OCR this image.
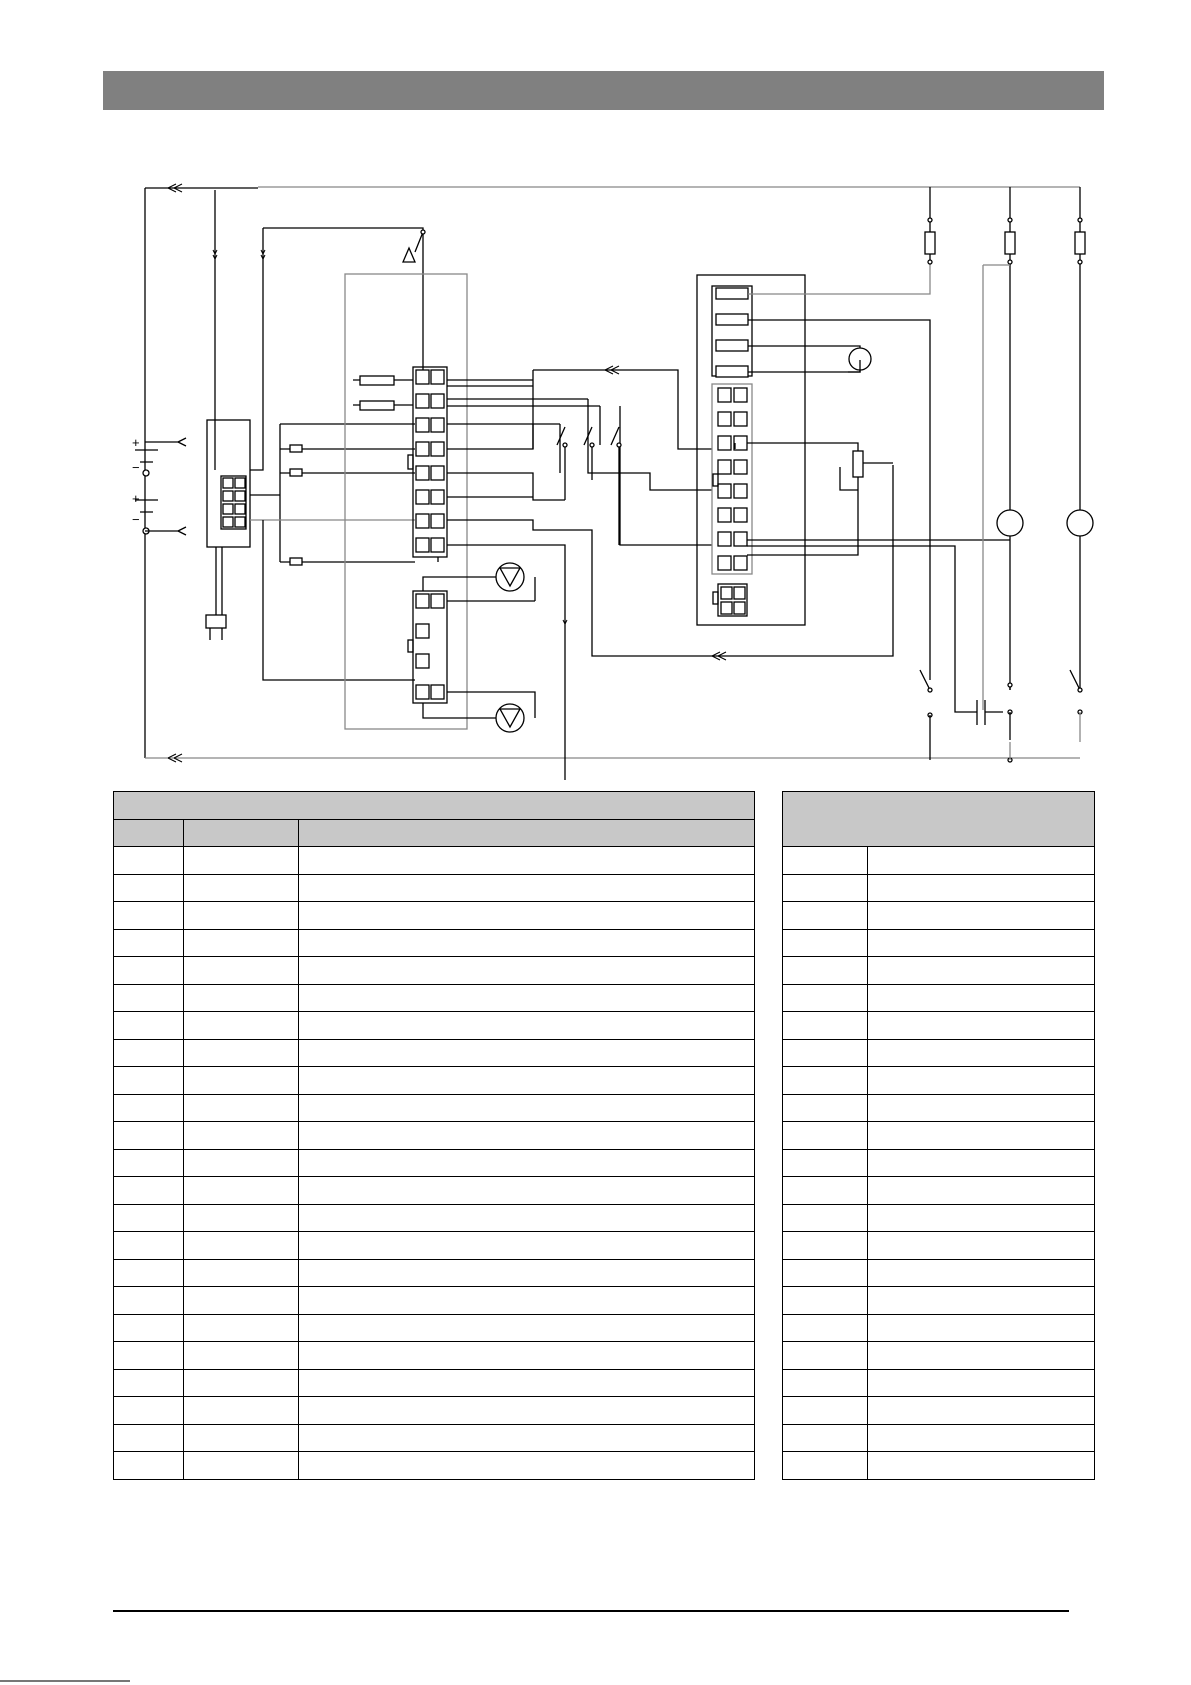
+
−
+
−
